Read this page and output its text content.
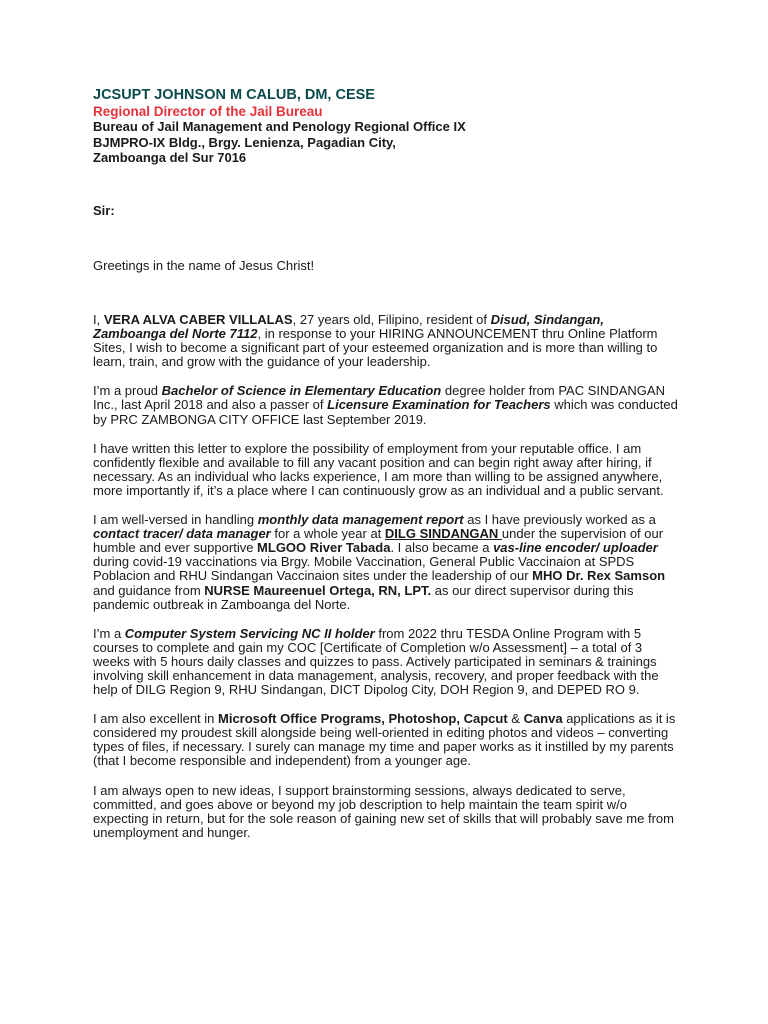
JCSUPT JOHNSON M CALUB, DM, CESE
Regional Director of the Jail Bureau
Bureau of Jail Management and Penology Regional Office IX
BJMPRO-IX Bldg., Brgy. Lenienza, Pagadian City,
Zamboanga del Sur 7016
Sir:
Greetings in the name of Jesus Christ!
I, VERA ALVA CABER VILLALAS, 27 years old, Filipino, resident of Disud, Sindangan,
Zamboanga del Norte 7112, in response to your HIRING ANNOUNCEMENT thru Online Platform
Sites, I wish to become a significant part of your esteemed organization and is more than willing to
learn, train, and grow with the guidance of your leadership.
I’m a proud Bachelor of Science in Elementary Education degree holder from PAC SINDANGAN
Inc., last April 2018 and also a passer of Licensure Examination for Teachers which was conducted
by PRC ZAMBONGA CITY OFFICE last September 2019.
I have written this letter to explore the possibility of employment from your reputable office. I am
confidently flexible and available to fill any vacant position and can begin right away after hiring, if
necessary. As an individual who lacks experience, I am more than willing to be assigned anywhere,
more importantly if, it’s a place where I can continuously grow as an individual and a public servant.
I am well-versed in handling monthly data management report as I have previously worked as a
contact tracer/ data manager for a whole year at DILG SINDANGAN under the supervision of our
humble and ever supportive MLGOO River Tabada. I also became a vas-line encoder/ uploader
during covid-19 vaccinations via Brgy. Mobile Vaccination, General Public Vaccinaion at SPDS
Poblacion and RHU Sindangan Vaccinaion sites under the leadership of our MHO Dr. Rex Samson
and guidance from NURSE Maureenuel Ortega, RN, LPT. as our direct supervisor during this
pandemic outbreak in Zamboanga del Norte.
I’m a Computer System Servicing NC II holder from 2022 thru TESDA Online Program with 5
courses to complete and gain my COC [Certificate of Completion w/o Assessment] – a total of 3
weeks with 5 hours daily classes and quizzes to pass. Actively participated in seminars & trainings
involving skill enhancement in data management, analysis, recovery, and proper feedback with the
help of DILG Region 9, RHU Sindangan, DICT Dipolog City, DOH Region 9, and DEPED RO 9.
I am also excellent in Microsoft Office Programs, Photoshop, Capcut & Canva applications as it is
considered my proudest skill alongside being well-oriented in editing photos and videos – converting
types of files, if necessary. I surely can manage my time and paper works as it instilled by my parents
(that I become responsible and independent) from a younger age.
I am always open to new ideas, I support brainstorming sessions, always dedicated to serve,
committed, and goes above or beyond my job description to help maintain the team spirit w/o
expecting in return, but for the sole reason of gaining new set of skills that will probably save me from
unemployment and hunger.
